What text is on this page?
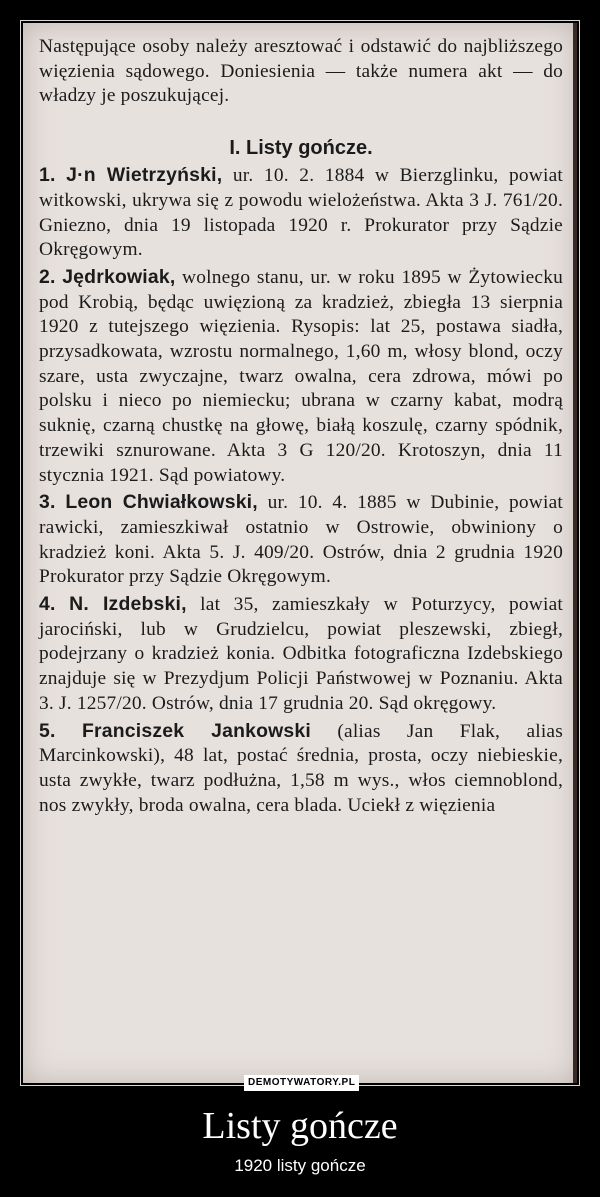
Następujące osoby należy aresztować i odstawić do najbliższego więzienia sądowego. Doniesienia — także numera akt — do władzy je poszukującej.

I. Listy gończe.

1. J·n Wietrzyński, ur. 10. 2. 1884 w Bierzglinku, powiat witkowski, ukrywa się z powodu wielożeństwa. Akta 3 J. 761/20. Gniezno, dnia 19 listopada 1920 r. Prokurator przy Sądzie Okręgowym.

2. Jędrkowiak, wolnego stanu, ur. w roku 1895 w Żytowiecku pod Krobią, będąc uwięzioną za kradzież, zbiegła 13 sierpnia 1920 z tutejszego więzienia. Rysopis: lat 25, postawa siadła, przysadkowata, wzrostu normalnego, 1,60 m, włosy blond, oczy szare, usta zwyczajne, twarz owalna, cera zdrowa, mówi po polsku i nieco po niemiecku; ubrana w czarny kabat, modrą suknię, czarną chustkę na głowę, białą koszulę, czarny spódnik, trzewiki sznurowane. Akta 3 G 120/20. Krotoszyn, dnia 11 stycznia 1921. Sąd powiatowy.

3. Leon Chwiałkowski, ur. 10. 4. 1885 w Dubinie, powiat rawicki, zamieszkiwał ostatnio w Ostrowie, obwiniony o kradzież koni. Akta 5. J. 409/20. Ostrów, dnia 2 grudnia 1920 Prokurator przy Sądzie Okręgowym.

4. N. Izdebski, lat 35, zamieszkały w Poturzycy, powiat jarociński, lub w Grudzielcu, powiat pleszewski, zbiegł, podejrzany o kradzież konia. Odbitka fotograficzna Izdebskiego znajduje się w Prezydjum Policji Państwowej w Poznaniu. Akta 3. J. 1257/20. Ostrów, dnia 17 grudnia 20. Sąd okręgowy.

5. Franciszek Jankowski (alias Jan Flak, alias Marcinkowski), 48 lat, postać średnia, prosta, oczy niebieskie, usta zwykłe, twarz podłużna, 1,58 m wys., włos ciemnoblond, nos zwykły, broda owalna, cera blada. Uciekł z więzienia

DEMOTYWATORY.PL
Listy gończe
1920 listy gończe
